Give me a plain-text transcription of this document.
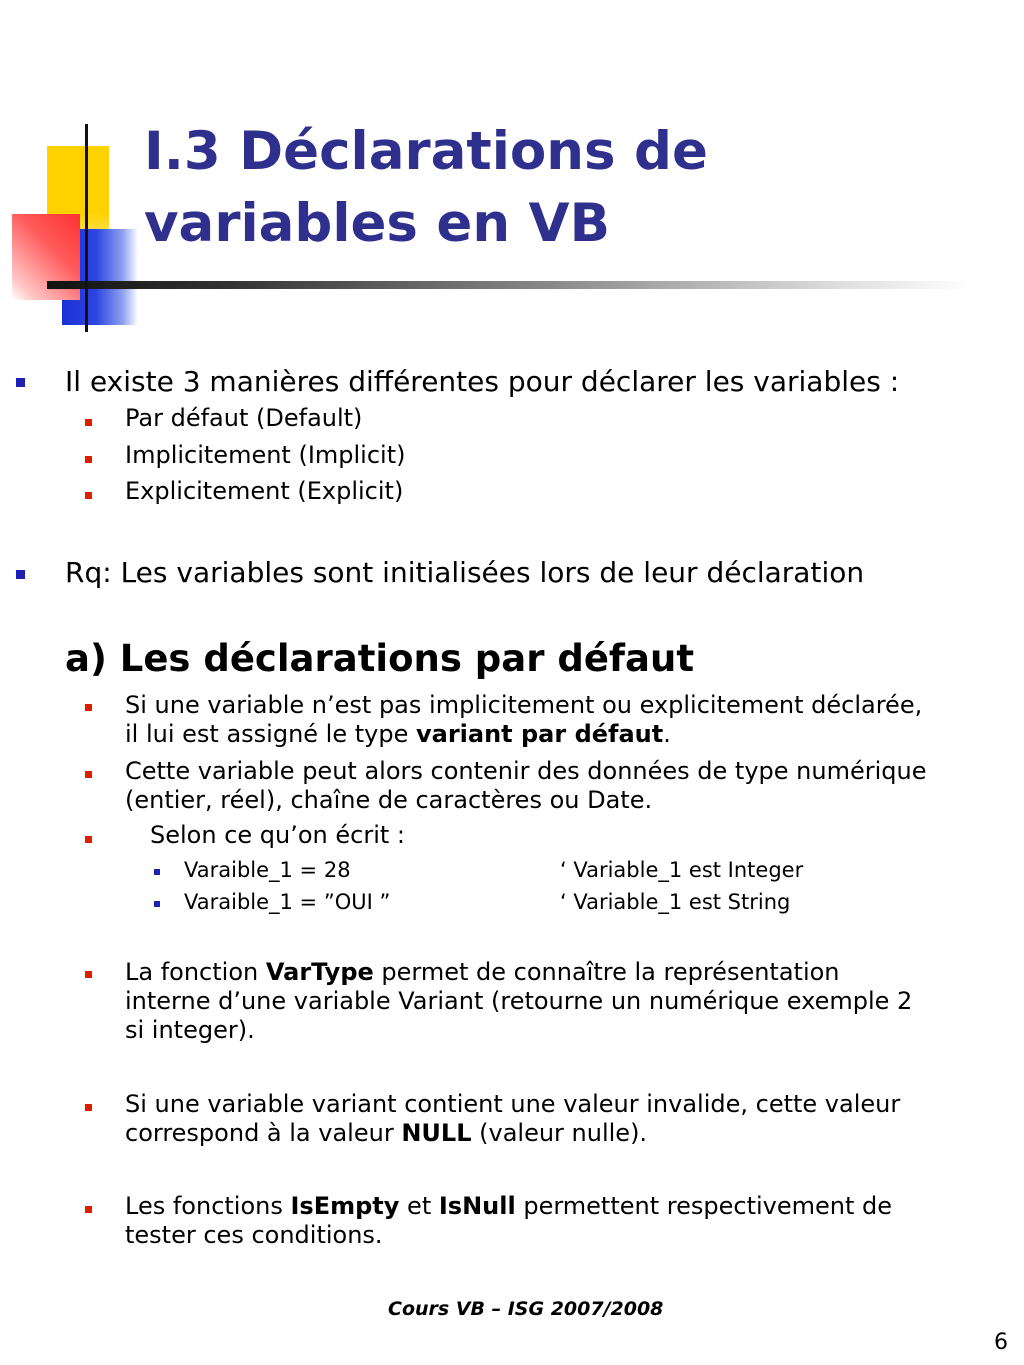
I.3 Déclarations de
variables en VB
Il existe 3 manières différentes pour déclarer les variables :
Par défaut (Default)
Implicitement (Implicit)
Explicitement (Explicit)
Rq: Les variables sont initialisées lors de leur déclaration
a) Les déclarations par défaut
Si une variable n’est pas implicitement ou explicitement déclarée,
il lui est assigné le type variant par défaut.
Cette variable peut alors contenir des données de type numérique
(entier, réel), chaîne de caractères ou Date.
Selon ce qu’on écrit :
Varaible_1 = 28	‘ Variable_1 est Integer
Varaible_1 = ”OUI ”	‘ Variable_1 est String
La fonction VarType permet de connaître la représentation
interne d’une variable Variant (retourne un numérique exemple 2
si integer).
Si une variable variant contient une valeur invalide, cette valeur
correspond à la valeur NULL (valeur nulle).
Les fonctions IsEmpty et IsNull permettent respectivement de
tester ces conditions.
Cours VB – ISG 2007/2008
6
